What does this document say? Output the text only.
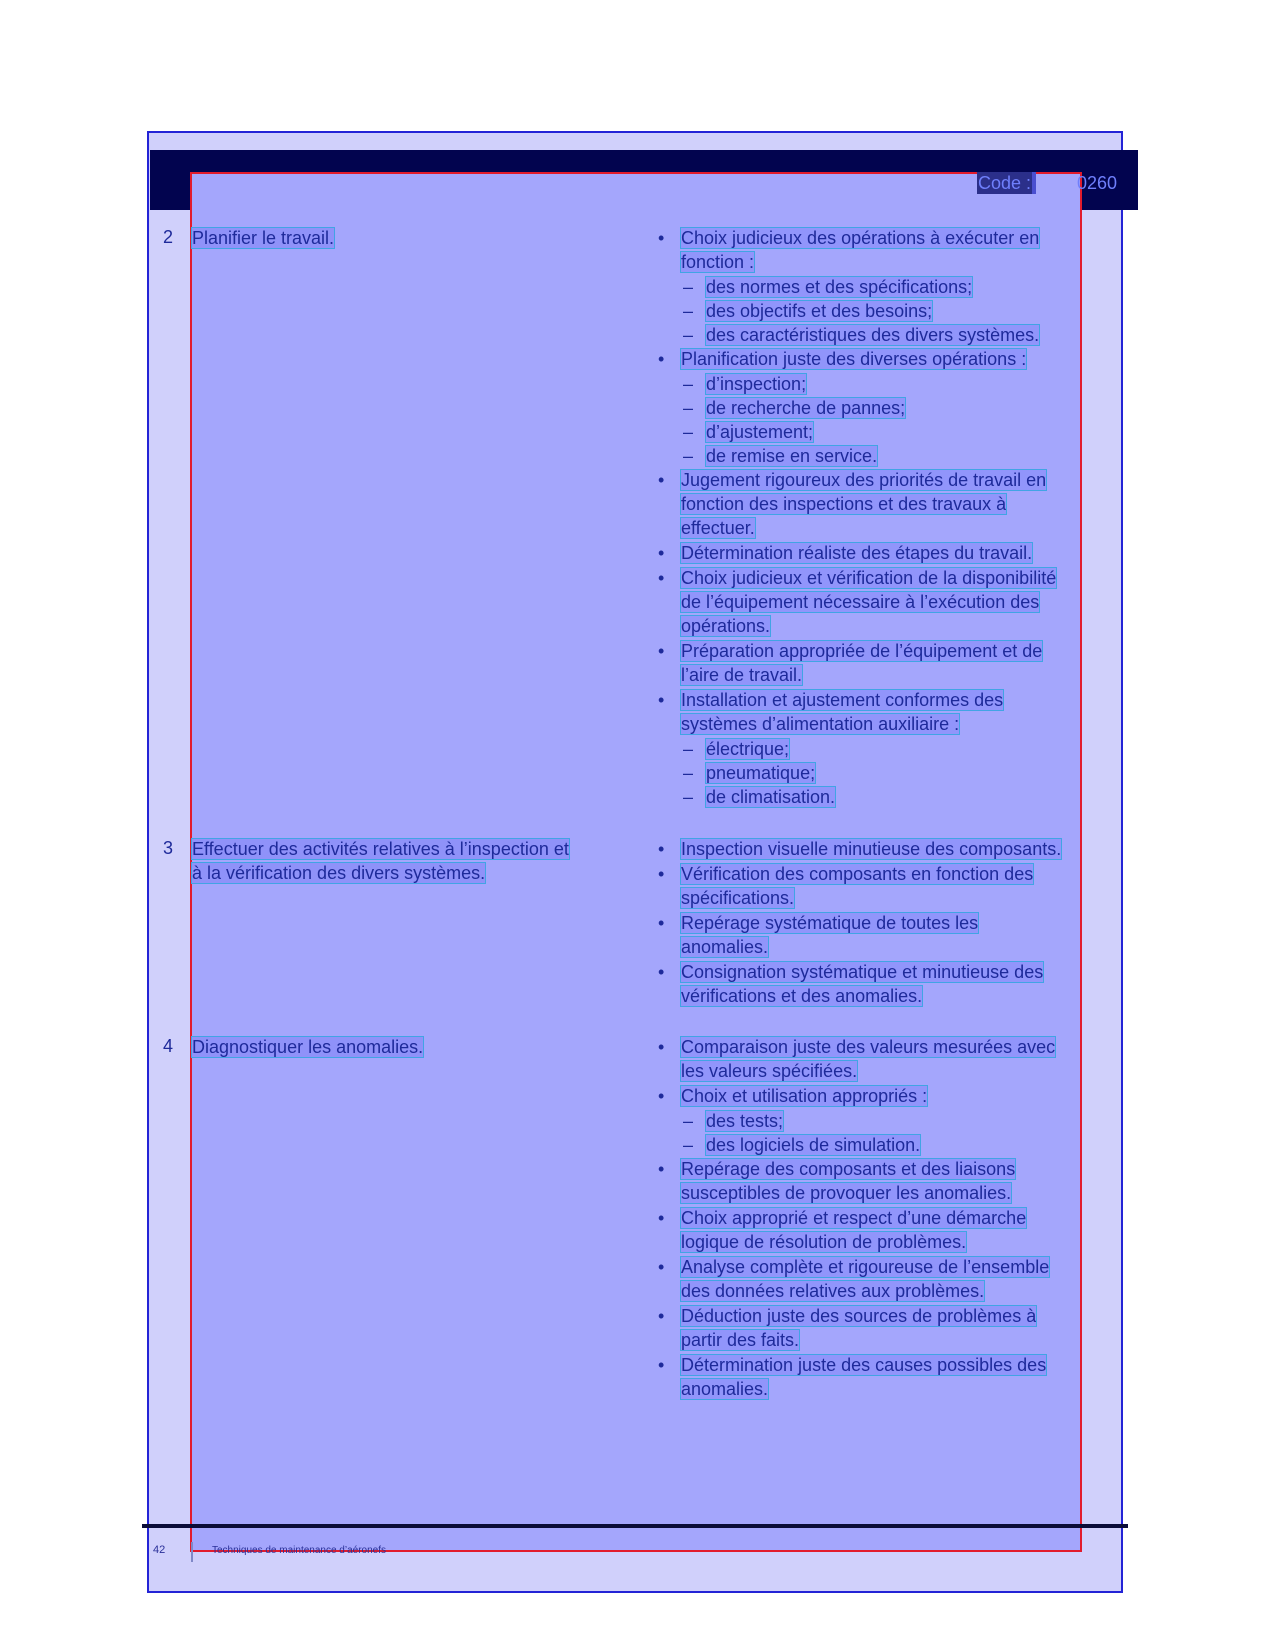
Code :	0260
2 Planifier le travail.	• Choix judicieux des opérations à exécuter en
fonction :
– des normes et des spécifications;
– des objectifs et des besoins;
– des caractéristiques des divers systèmes.
• Planification juste des diverses opérations :
– d’inspection;
– de recherche de pannes;
– d’ajustement;
– de remise en service.
• Jugement rigoureux des priorités de travail en
fonction des inspections et des travaux à
effectuer.
• Détermination réaliste des étapes du travail.
• Choix judicieux et vérification de la disponibilité
de l’équipement nécessaire à l’exécution des
opérations.
• Préparation appropriée de l’équipement et de
l’aire de travail.
• Installation et ajustement conformes des
systèmes d’alimentation auxiliaire :
– électrique;
– pneumatique;
– de climatisation.
3 Effectuer des activités relatives à l’inspection et
à la vérification des divers systèmes.
• Inspection visuelle minutieuse des composants.
• Vérification des composants en fonction des
spécifications.
• Repérage systématique de toutes les
anomalies.
• Consignation systématique et minutieuse des
vérifications et des anomalies.
4 Diagnostiquer les anomalies.	• Comparaison juste des valeurs mesurées avec
les valeurs spécifiées.
• Choix et utilisation appropriés :
– des tests;
– des logiciels de simulation.
• Repérage des composants et des liaisons
susceptibles de provoquer les anomalies.
• Choix approprié et respect d’une démarche
logique de résolution de problèmes.
• Analyse complète et rigoureuse de l’ensemble
des données relatives aux problèmes.
• Déduction juste des sources de problèmes à
partir des faits.
• Détermination juste des causes possibles des
anomalies.
42	Techniques de maintenance d’aéronefs
